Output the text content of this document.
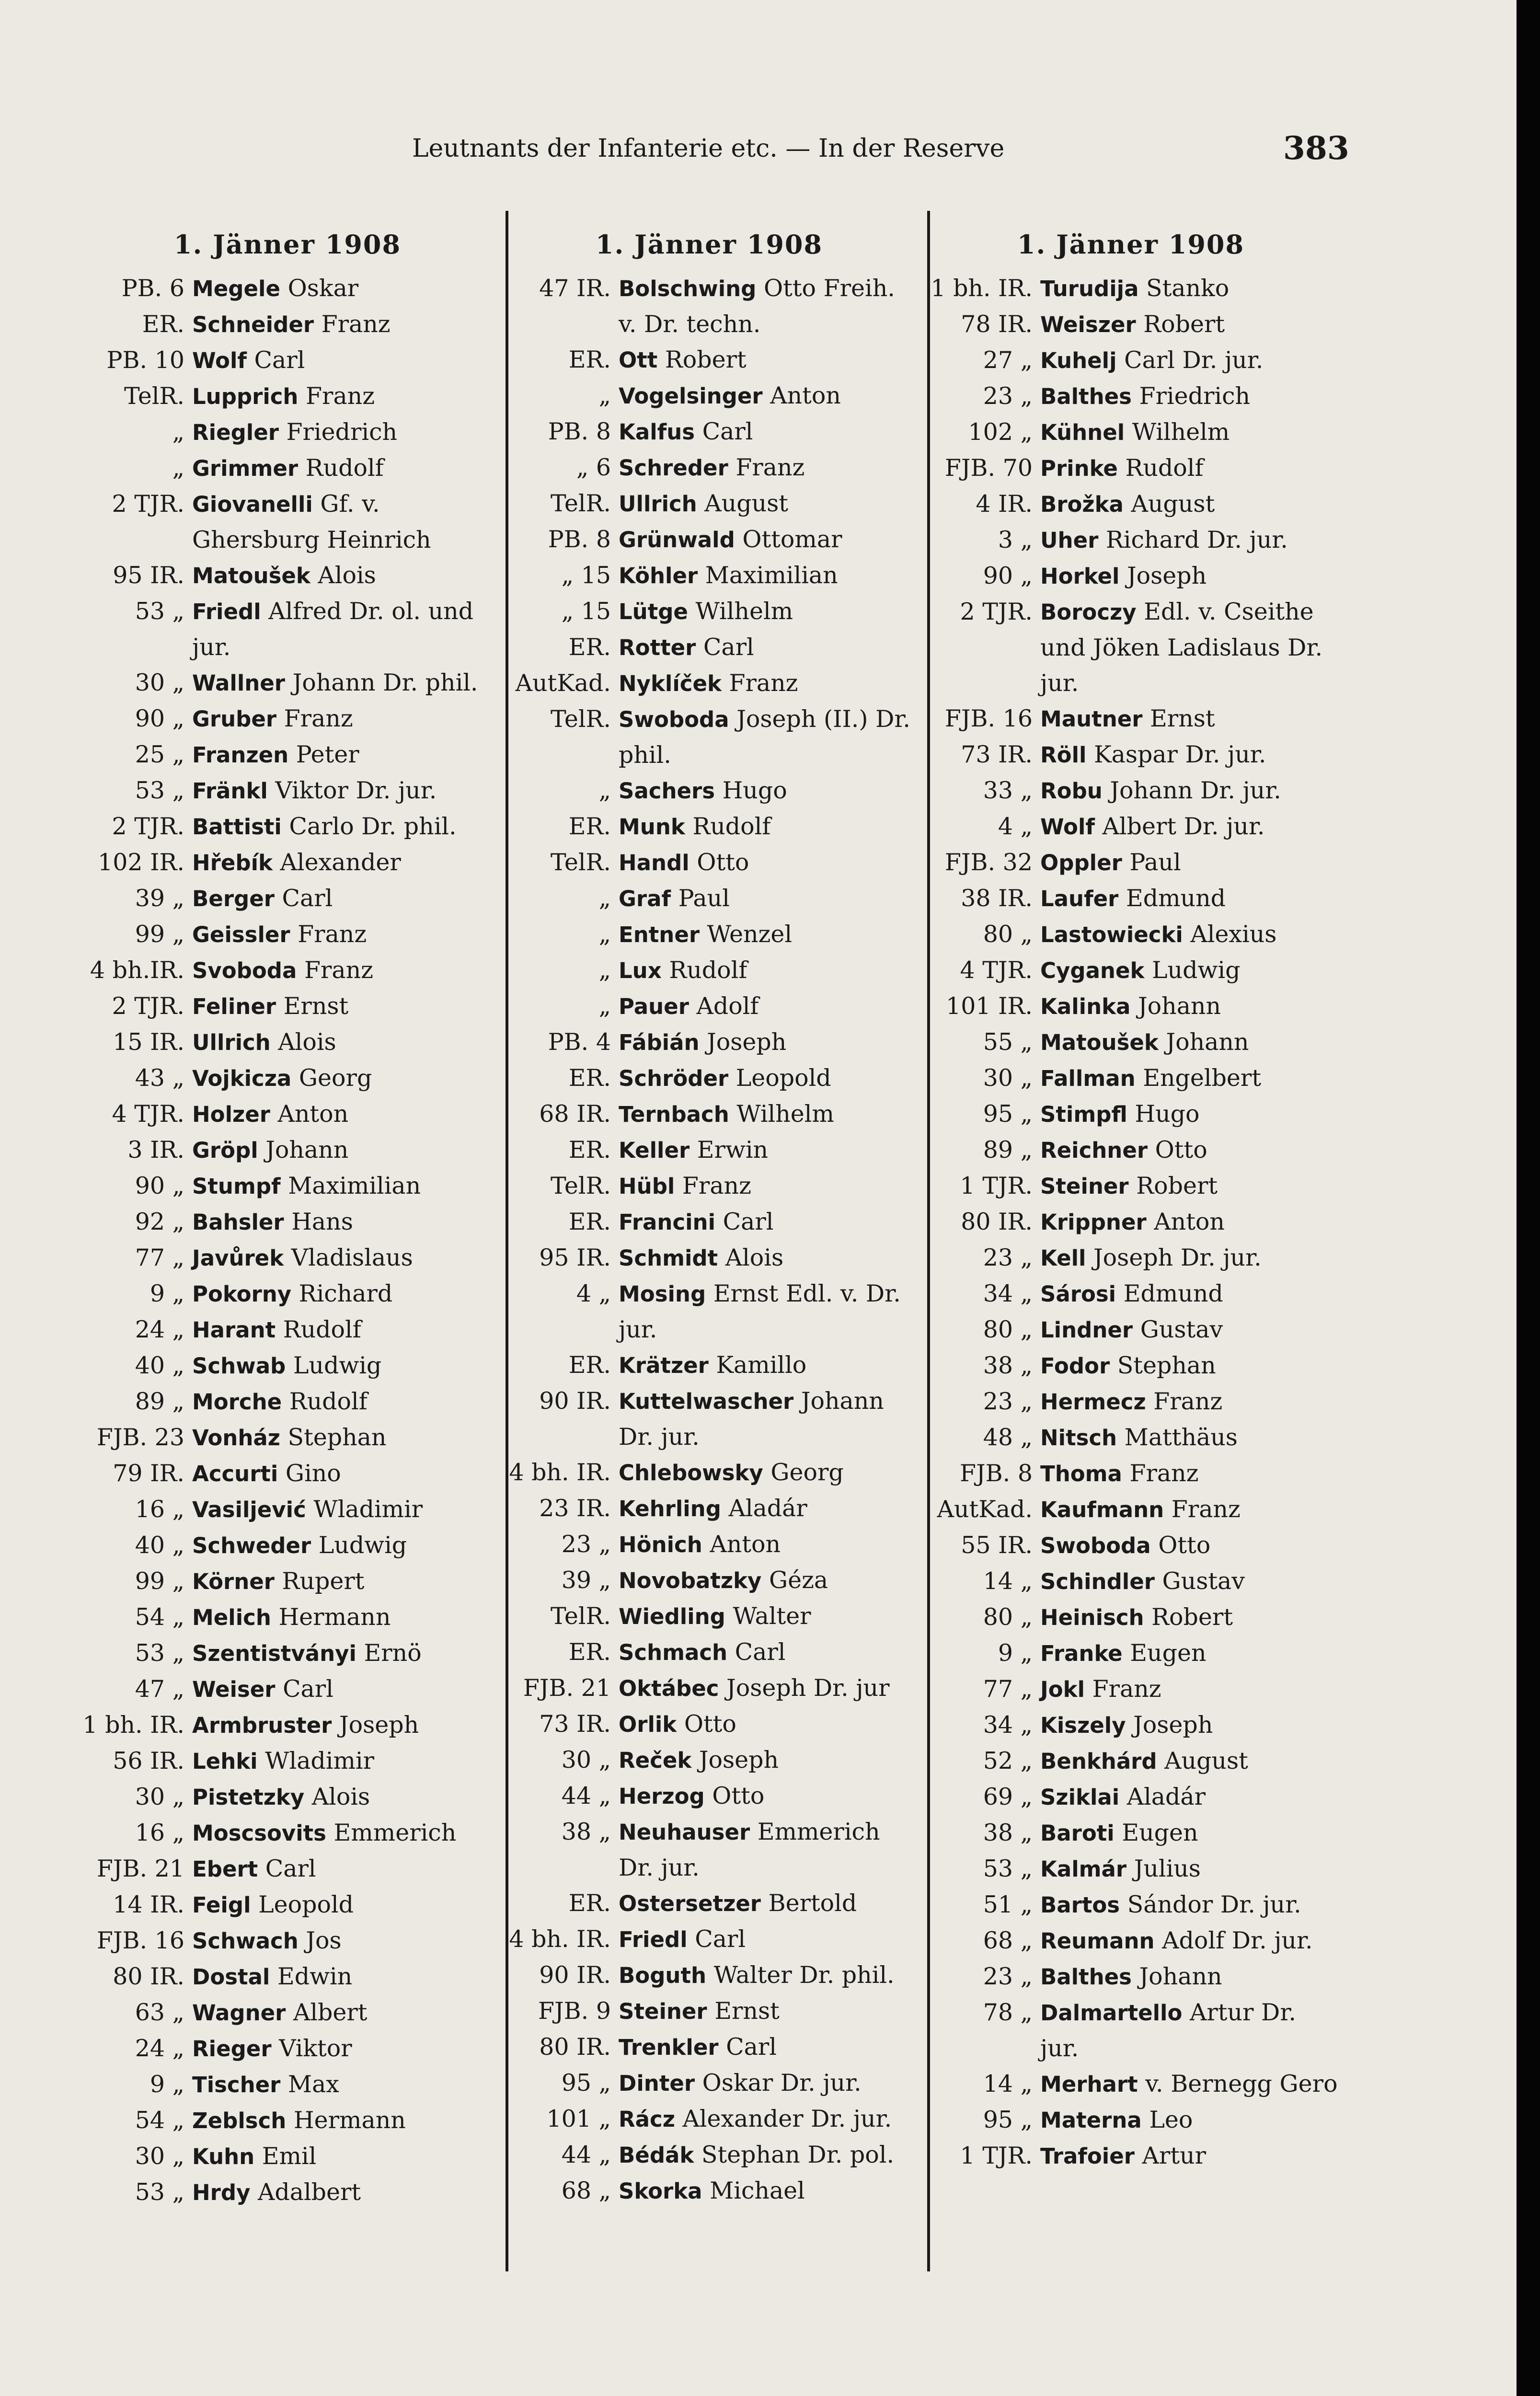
Leutnants der Infanterie etc. — In der Reserve	383
1. Jänner 1908
PB. 6 Megele Oskar
ER. Schneider Franz
PB. 10 Wolf Carl
TelR. Lupprich Franz
„ Riegler Friedrich
„ Grimmer Rudolf
2 TJR. Giovanelli Gf. v. Ghersburg Heinrich
95 IR. Matoušek Alois
53 „ Friedl Alfred Dr. ol. und jur.
30 „ Wallner Johann Dr. phil.
90 „ Gruber Franz
25 „ Franzen Peter
53 „ Fränkl Viktor Dr. jur.
2 TJR. Battisti Carlo Dr. phil.
102 IR. Hřebík Alexander
39 „ Berger Carl
99 „ Geissler Franz
4 bh.IR. Svoboda Franz
2 TJR. Feliner Ernst
15 IR. Ullrich Alois
43 „ Vojkicza Georg
4 TJR. Holzer Anton
3 IR. Gröpl Johann
90 „ Stumpf Maximilian
92 „ Bahsler Hans
77 „ Javůrek Vladislaus
9 „ Pokorny Richard
24 „ Harant Rudolf
40 „ Schwab Ludwig
89 „ Morche Rudolf
FJB. 23 Vonház Stephan
79 IR. Accurti Gino
16 „ Vasiljević Wladimir
40 „ Schweder Ludwig
99 „ Körner Rupert
54 „ Melich Hermann
53 „ Szentistványi Ernö
47 „ Weiser Carl
1 bh. IR. Armbruster Joseph
56 IR. Lehki Wladimir
30 „ Pistetzky Alois
16 „ Moscsovits Emmerich
FJB. 21 Ebert Carl
14 IR. Feigl Leopold
FJB. 16 Schwach Jos
80 IR. Dostal Edwin
63 „ Wagner Albert
24 „ Rieger Viktor
9 „ Tischer Max
54 „ Zeblsch Hermann
30 „ Kuhn Emil
53 „ Hrdy Adalbert
1. Jänner 1908
47 IR. Bolschwing Otto Freih. v. Dr. techn.
ER. Ott Robert
„ Vogelsinger Anton
PB. 8 Kalfus Carl
„ 6 Schreder Franz
TelR. Ullrich August
PB. 8 Grünwald Ottomar
„ 15 Köhler Maximilian
„ 15 Lütge Wilhelm
ER. Rotter Carl
AutKad. Nyklíček Franz
TelR. Swoboda Joseph (II.) Dr. phil.
„ Sachers Hugo
ER. Munk Rudolf
TelR. Handl Otto
„ Graf Paul
„ Entner Wenzel
„ Lux Rudolf
„ Pauer Adolf
PB. 4 Fábián Joseph
ER. Schröder Leopold
68 IR. Ternbach Wilhelm
ER. Keller Erwin
TelR. Hübl Franz
ER. Francini Carl
95 IR. Schmidt Alois
4 „ Mosing Ernst Edl. v. Dr. jur.
ER. Krätzer Kamillo
90 IR. Kuttelwascher Johann Dr. jur.
4 bh. IR. Chlebowsky Georg
23 IR. Kehrling Aladár
23 „ Hönich Anton
39 „ Novobatzky Géza
TelR. Wiedling Walter
ER. Schmach Carl
FJB. 21 Oktábec Joseph Dr. jur
73 IR. Orlik Otto
30 „ Reček Joseph
44 „ Herzog Otto
38 „ Neuhauser Emmerich Dr. jur.
ER. Ostersetzer Bertold
4 bh. IR. Friedl Carl
90 IR. Boguth Walter Dr. phil.
FJB. 9 Steiner Ernst
80 IR. Trenkler Carl
95 „ Dinter Oskar Dr. jur.
101 „ Rácz Alexander Dr. jur.
44 „ Bédák Stephan Dr. pol.
68 „ Skorka Michael
1. Jänner 1908
1 bh. IR. Turudija Stanko
78 IR. Weiszer Robert
27 „ Kuhelj Carl Dr. jur.
23 „ Balthes Friedrich
102 „ Kühnel Wilhelm
FJB. 70 Prinke Rudolf
4 IR. Brožka August
3 „ Uher Richard Dr. jur.
90 „ Horkel Joseph
2 TJR. Boroczy Edl. v. Cseithe und Jöken Ladislaus Dr. jur.
FJB. 16 Mautner Ernst
73 IR. Röll Kaspar Dr. jur.
33 „ Robu Johann Dr. jur.
4 „ Wolf Albert Dr. jur.
FJB. 32 Oppler Paul
38 IR. Laufer Edmund
80 „ Lastowiecki Alexius
4 TJR. Cyganek Ludwig
101 IR. Kalinka Johann
55 „ Matoušek Johann
30 „ Fallman Engelbert
95 „ Stimpfl Hugo
89 „ Reichner Otto
1 TJR. Steiner Robert
80 IR. Krippner Anton
23 „ Kell Joseph Dr. jur.
34 „ Sárosi Edmund
80 „ Lindner Gustav
38 „ Fodor Stephan
23 „ Hermecz Franz
48 „ Nitsch Matthäus
FJB. 8 Thoma Franz
AutKad. Kaufmann Franz
55 IR. Swoboda Otto
14 „ Schindler Gustav
80 „ Heinisch Robert
9 „ Franke Eugen
77 „ Jokl Franz
34 „ Kiszely Joseph
52 „ Benkhárd August
69 „ Sziklai Aladár
38 „ Baroti Eugen
53 „ Kalmár Julius
51 „ Bartos Sándor Dr. jur.
68 „ Reumann Adolf Dr. jur.
23 „ Balthes Johann
78 „ Dalmartello Artur Dr. jur.
14 „ Merhart v. Bernegg Gero
95 „ Materna Leo
1 TJR. Trafoier Artur
